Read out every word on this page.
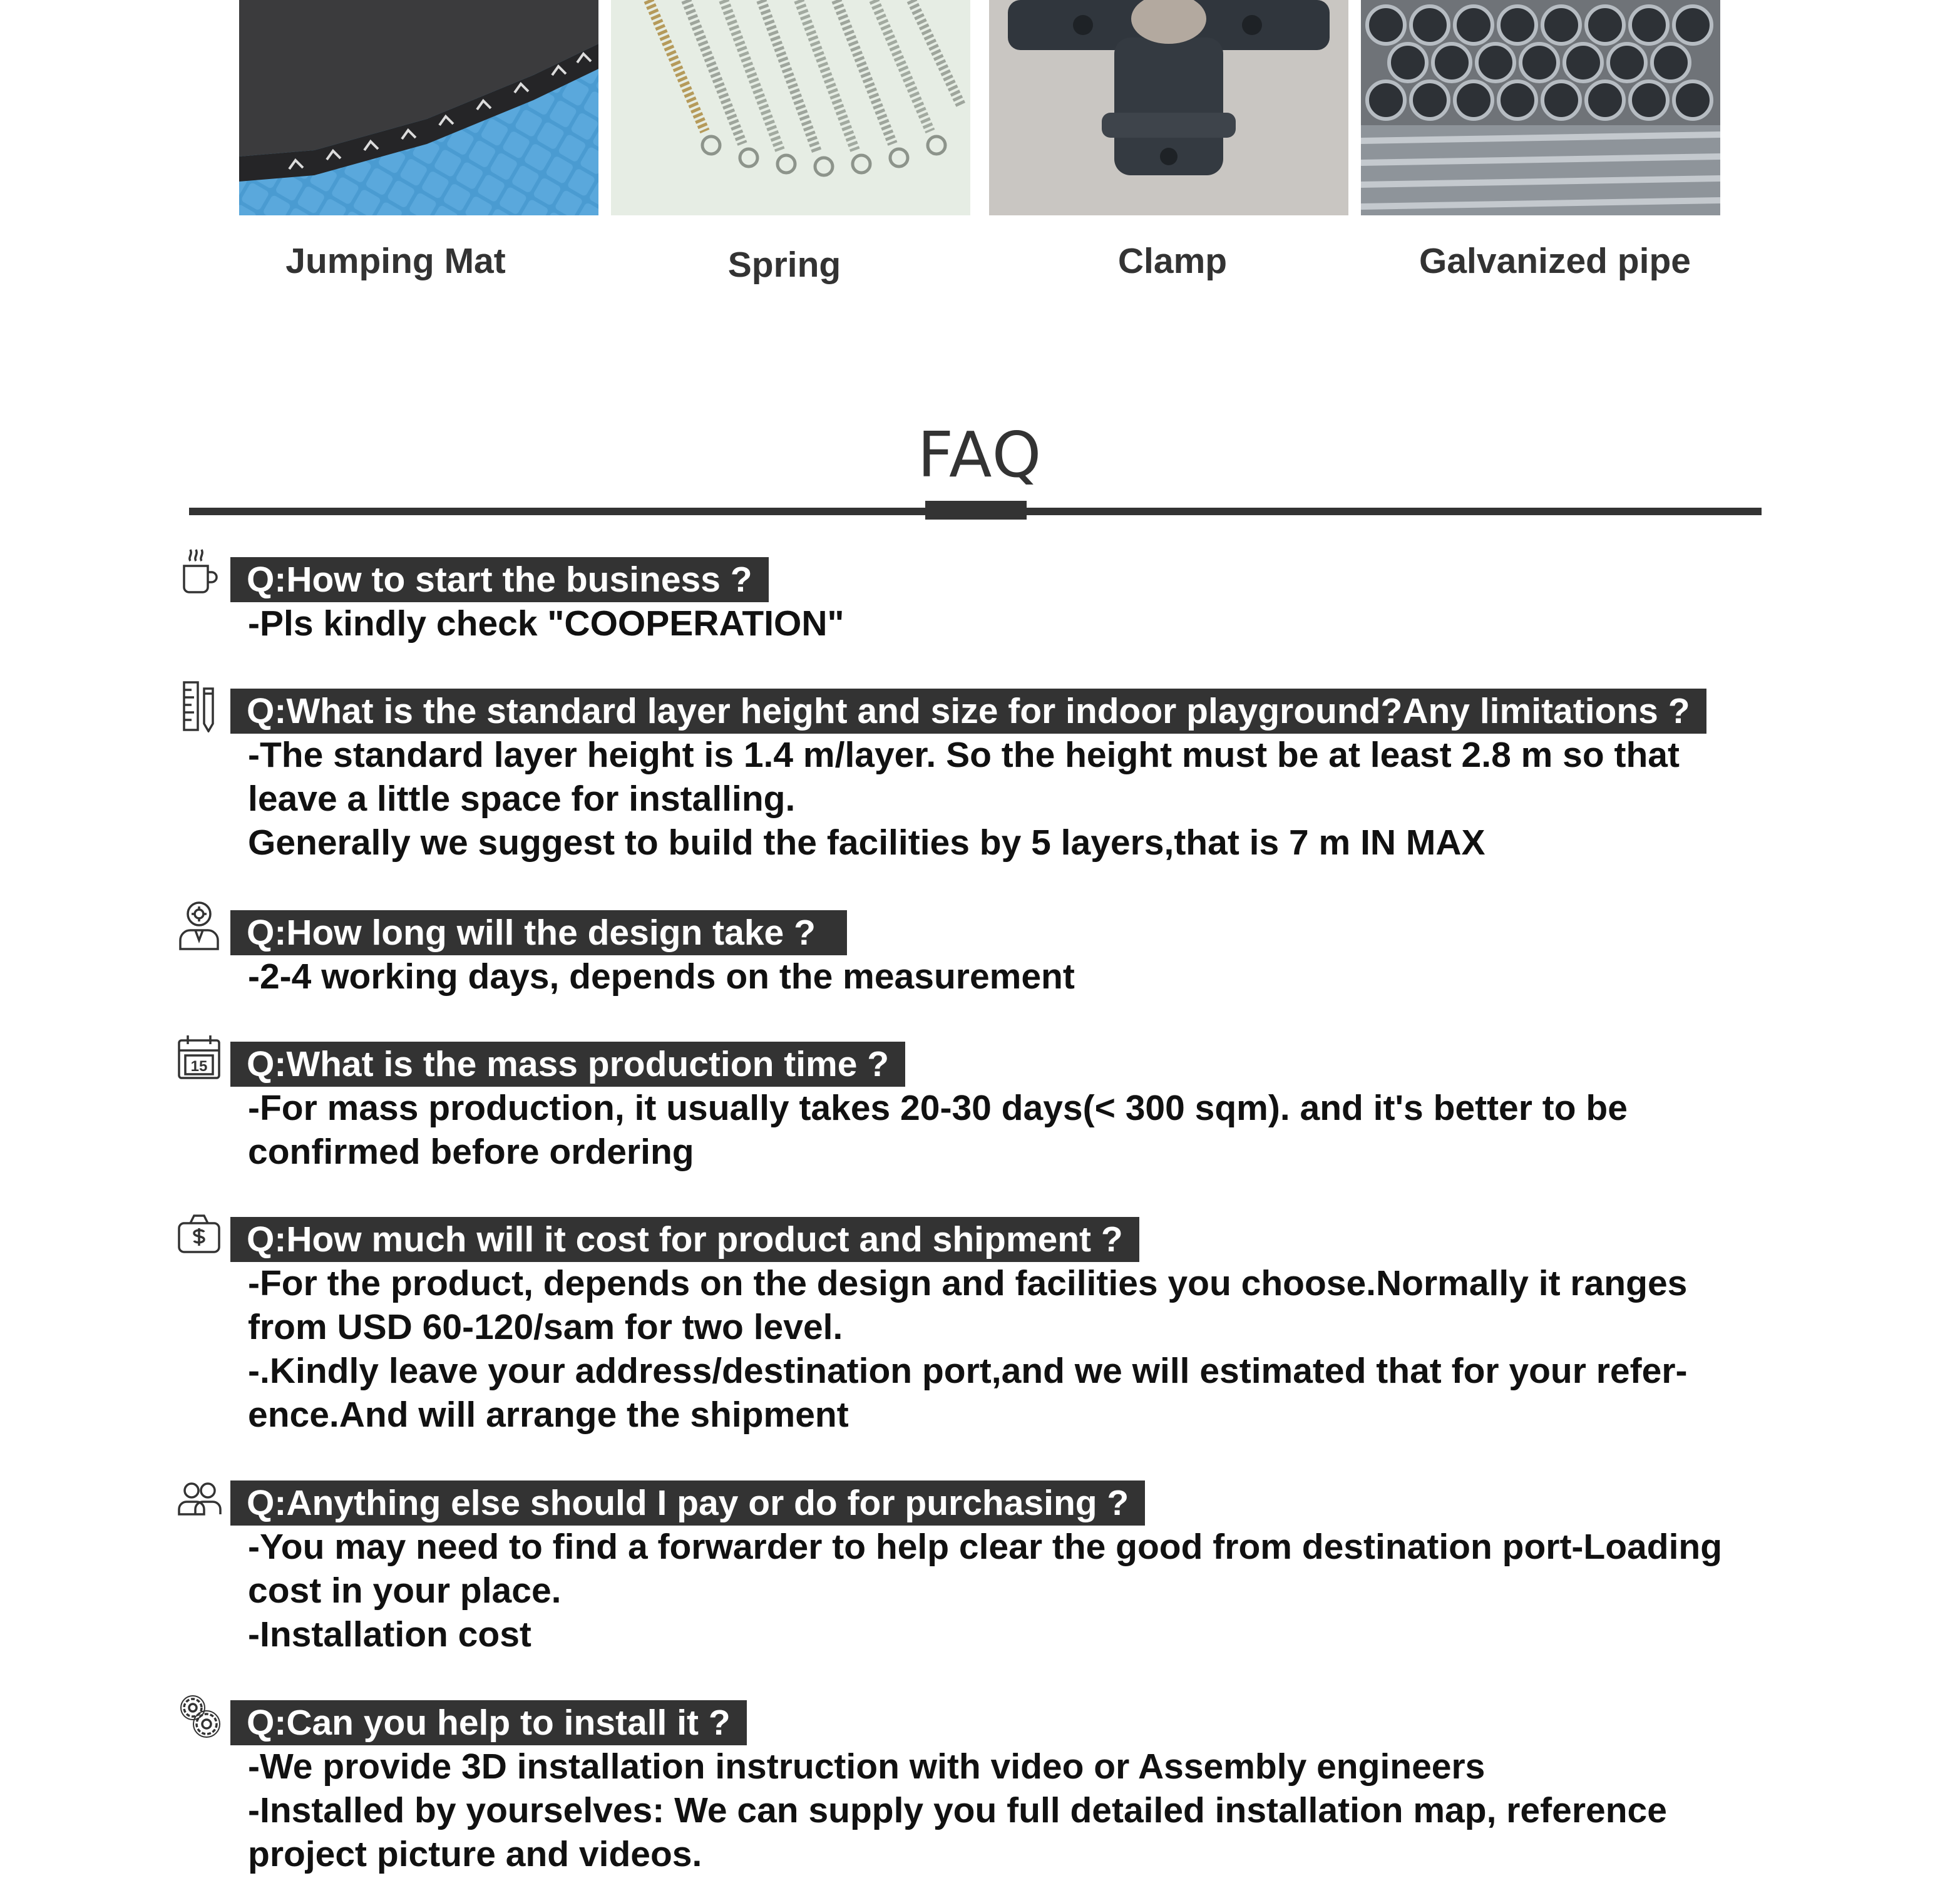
Jumping Mat	Spring	Clamp	Galvanized pipe
FAQ
Q:How to start the business ?

-Pls kindly check "COOPERATION"

Q:What is the standard layer height and size for indoor playground?Any limitations ?

-The standard layer height is 1.4 m/layer. So the height must be at least 2.8 m so that

leave a little space for installing.

Generally we suggest to build the facilities by 5 layers,that is 7 m IN MAX

Q:How long will the design take ?

-2-4 working days, depends on the measurement

15	Q:What is the mass production time ?

-For mass production, it usually takes 20-30 days(< 300 sqm). and it's better to be

confirmed before ordering

Q:How much will it cost for product and shipment ?

-For the product, depends on the design and facilities you choose.Normally it ranges

from USD 60-120/sam for two level.

-.Kindly leave your address/destination port,and we will estimated that for your refer-

ence.And will arrange the shipment

Q:Anything else should I pay or do for purchasing ?

-You may need to find a forwarder to help clear the good from destination port-Loading

cost in your place.

-Installation cost

Q:Can you help to install it ?

-We provide 3D installation instruction with video or Assembly engineers

-Installed by yourselves: We can supply you full detailed installation map, reference

project picture and videos.
